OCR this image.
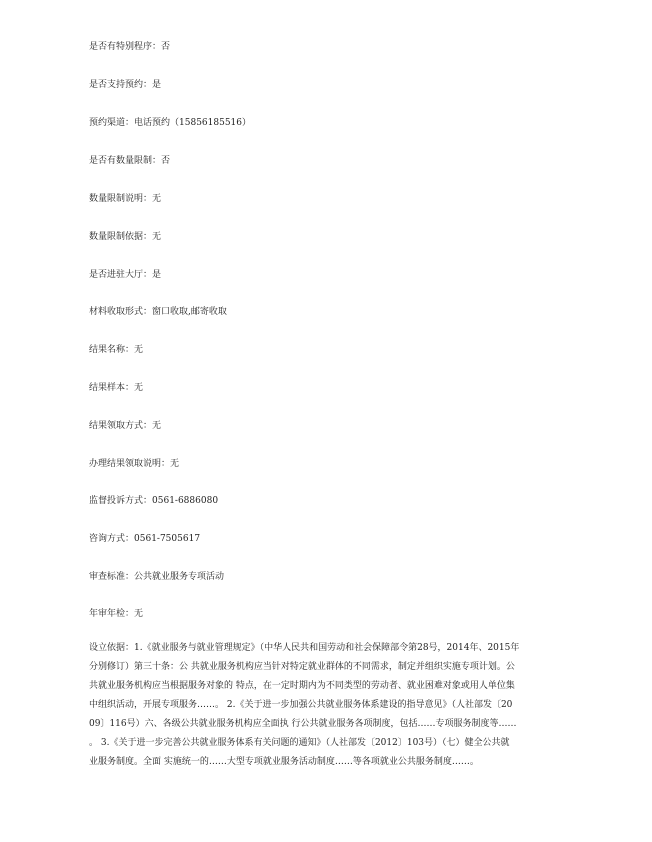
是否有特别程序：否
是否支持预约：是
预约渠道：电话预约（15856185516）
是否有数量限制：否
数量限制说明：无
数量限制依据：无
是否进驻大厅：是
材料收取形式：窗口收取,邮寄收取
结果名称：无
结果样本：无
结果领取方式：无
办理结果领取说明：无
监督投诉方式：0561-6886080
咨询方式：0561-7505617
审查标准：公共就业服务专项活动
年审年检：无
设立依据：1.《就业服务与就业管理规定》（中华人民共和国劳动和社会保障部令第28号，2014年、2015年
分别修订）第三十条：公 共就业服务机构应当针对特定就业群体的不同需求，制定并组织实施专项计划。公
共就业服务机构应当根据服务对象的 特点，在一定时期内为不同类型的劳动者、就业困难对象或用人单位集
中组织活动，开展专项服务……。 2.《关于进一步加强公共就业服务体系建设的指导意见》（人社部发〔20
09〕116号）六、各级公共就业服务机构应全面执 行公共就业服务各项制度，包括……专项服务制度等……
。 3.《关于进一步完善公共就业服务体系有关问题的通知》（人社部发〔2012〕103号）（七）健全公共就
业服务制度。全面 实施统一的……大型专项就业服务活动制度……等各项就业公共服务制度……。
